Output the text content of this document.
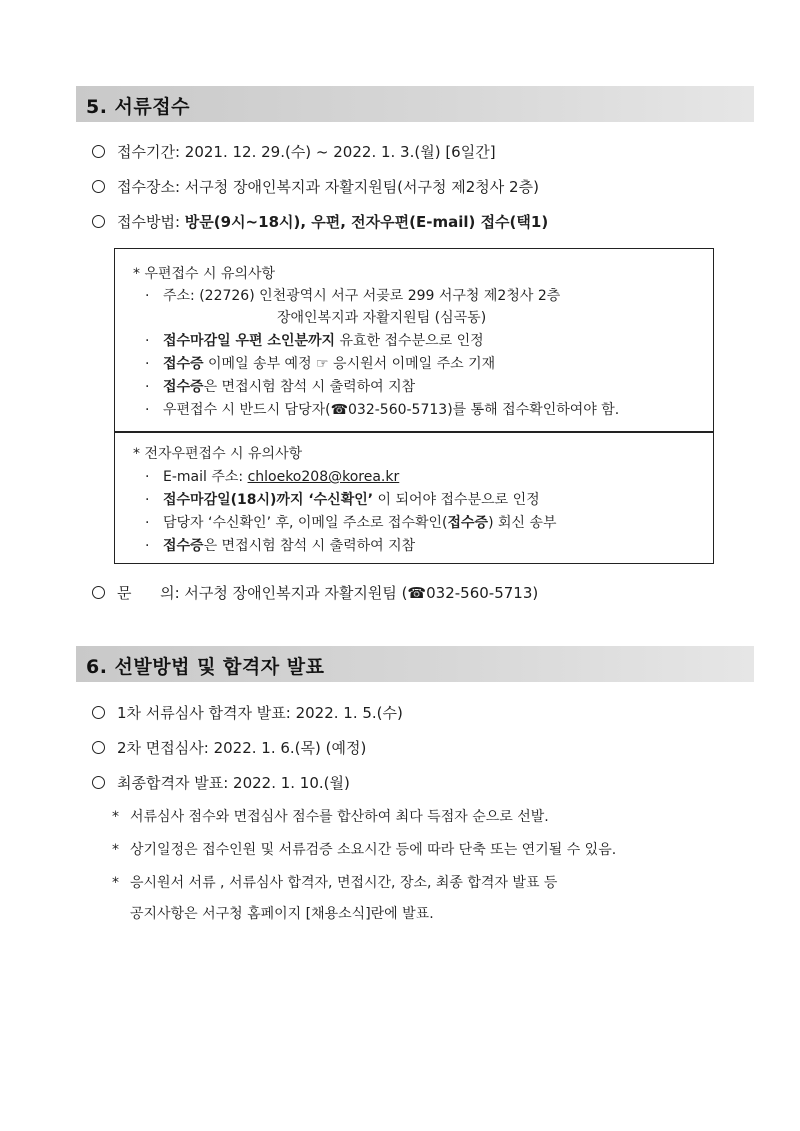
5. 서류접수
접수기간: 2021. 12. 29.(수) ~ 2022. 1. 3.(월) [6일간]
접수장소: 서구청 장애인복지과 자활지원팀(서구청 제2청사 2층)
접수방법: 방문(9시~18시), 우편, 전자우편(E-mail) 접수(택1)
* 우편접수 시 유의사항
· 주소: (22726) 인천광역시 서구 서곶로 299 서구청 제2청사 2층
장애인복지과 자활지원팀 (심곡동)
· 접수마감일 우편 소인분까지 유효한 접수분으로 인정
· 접수증 이메일 송부 예정 ☞ 응시원서 이메일 주소 기재
· 접수증은 면접시험 참석 시 출력하여 지참
· 우편접수 시 반드시 담당자(☎032-560-5713)를 통해 접수확인하여야 함.
* 전자우편접수 시 유의사항
· E-mail 주소: chloeko208@korea.kr
· 접수마감일(18시)까지 ‘수신확인’ 이 되어야 접수분으로 인정
· 담당자 ‘수신확인’ 후, 이메일 주소로 접수확인(접수증) 회신 송부
· 접수증은 면접시험 참석 시 출력하여 지참
문      의: 서구청 장애인복지과 자활지원팀 (☎032-560-5713)
6. 선발방법 및 합격자 발표
1차 서류심사 합격자 발표: 2022. 1. 5.(수)
2차 면접심사: 2022. 1. 6.(목) (예정)
최종합격자 발표: 2022. 1. 10.(월)
* 서류심사 점수와 면접심사 점수를 합산하여 최다 득점자 순으로 선발.
* 상기일정은 접수인원 및 서류검증 소요시간 등에 따라 단축 또는 연기될 수 있음.
* 응시원서 서류 , 서류심사 합격자, 면접시간, 장소, 최종 합격자 발표 등
공지사항은 서구청 홈페이지 [채용소식]란에 발표.
